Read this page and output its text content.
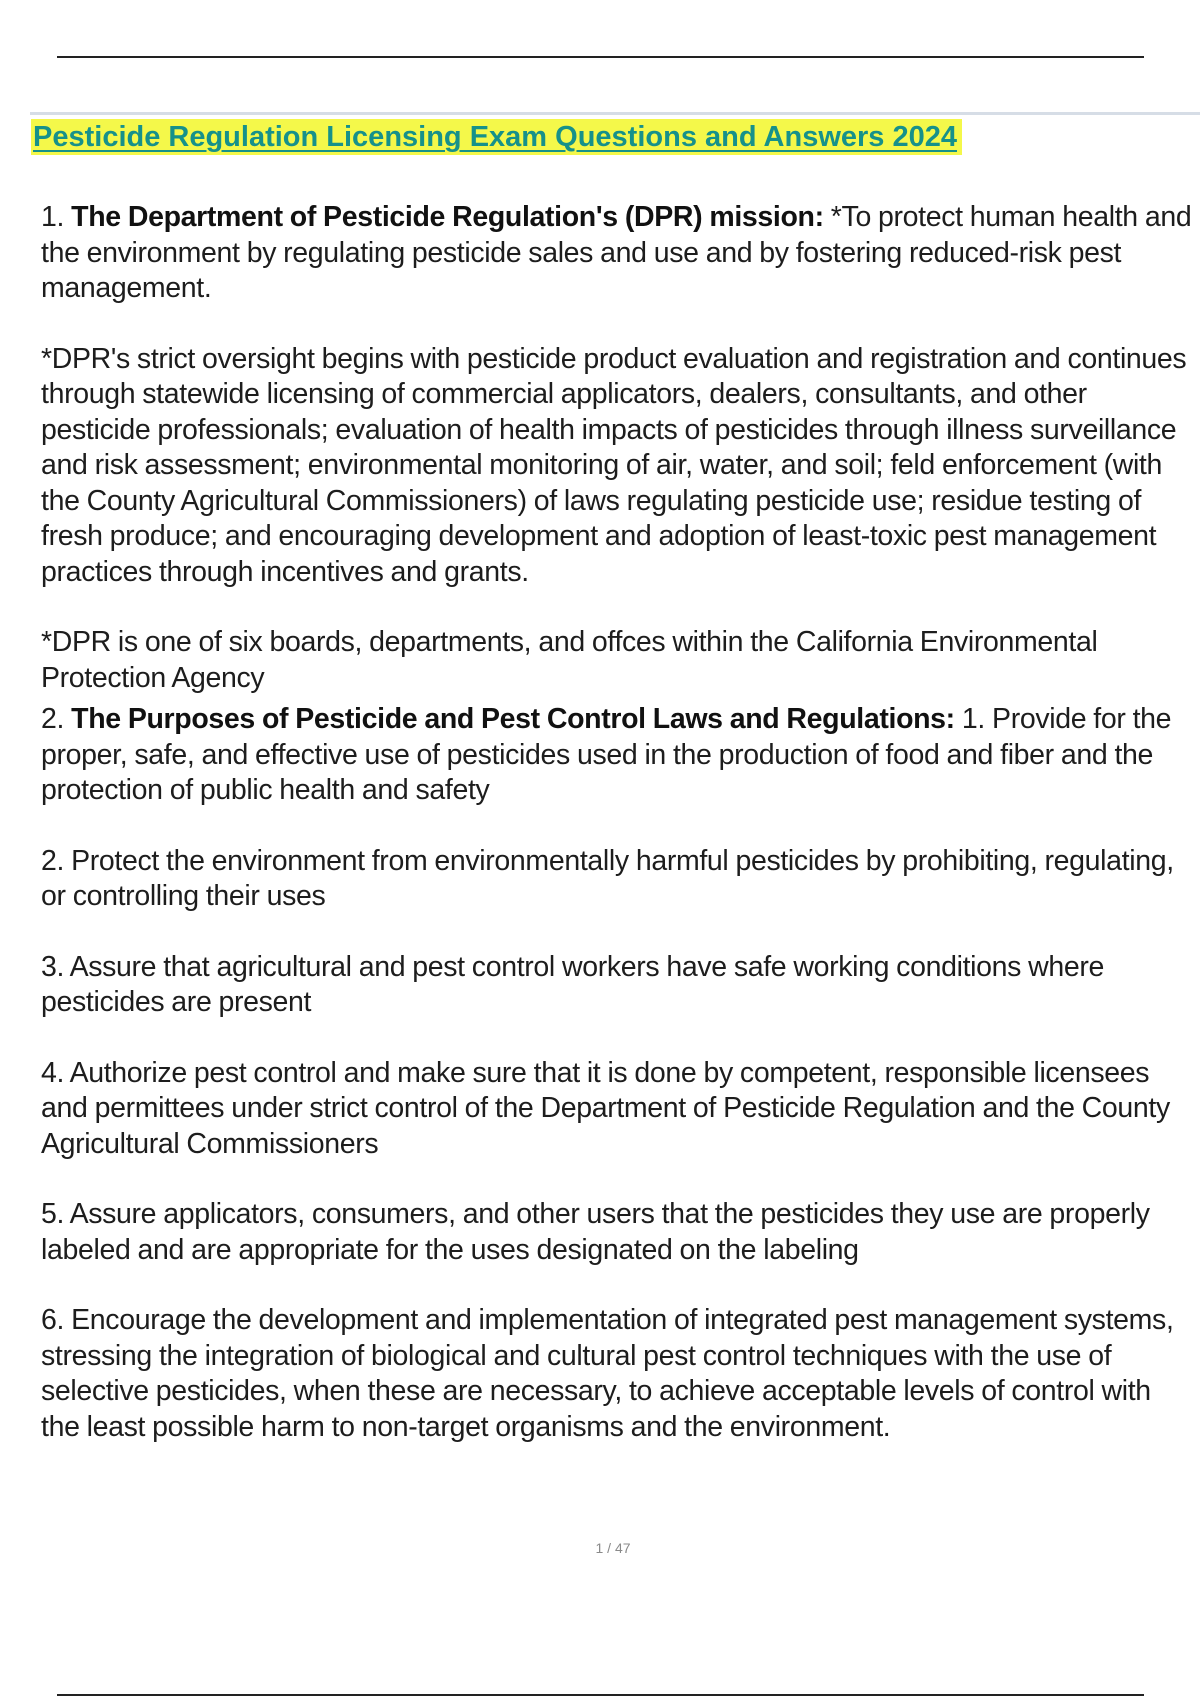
Pesticide Regulation Licensing Exam Questions and Answers 2024

1. The Department of Pesticide Regulation's (DPR) mission: *To protect human health and the environment by regulating pesticide sales and use and by fostering reduced-risk pest management.

*DPR's strict oversight begins with pesticide product evaluation and registration and continues through statewide licensing of commercial applicators, dealers, consultants, and other pesticide professionals; evaluation of health impacts of pesticides through illness surveillance and risk assessment; environmental monitoring of air, water, and soil; feld enforcement (with the County Agricultural Commissioners) of laws regulating pesticide use; residue testing of fresh produce; and encouraging development and adoption of least-toxic pest management practices through incentives and grants.

*DPR is one of six boards, departments, and offces within the California Environmental Protection Agency

2. The Purposes of Pesticide and Pest Control Laws and Regulations: 1. Provide for the proper, safe, and effective use of pesticides used in the production of food and fiber and the protection of public health and safety

2. Protect the environment from environmentally harmful pesticides by prohibiting, regulating, or controlling their uses

3. Assure that agricultural and pest control workers have safe working conditions where pesticides are present

4. Authorize pest control and make sure that it is done by competent, responsible licensees and permittees under strict control of the Department of Pesticide Regulation and the County Agricultural Commissioners

5. Assure applicators, consumers, and other users that the pesticides they use are properly labeled and are appropriate for the uses designated on the labeling

6. Encourage the development and implementation of integrated pest management systems, stressing the integration of biological and cultural pest control techniques with the use of selective pesticides, when these are necessary, to achieve acceptable levels of control with the least possible harm to non-target organisms and the environment.

1 / 47
